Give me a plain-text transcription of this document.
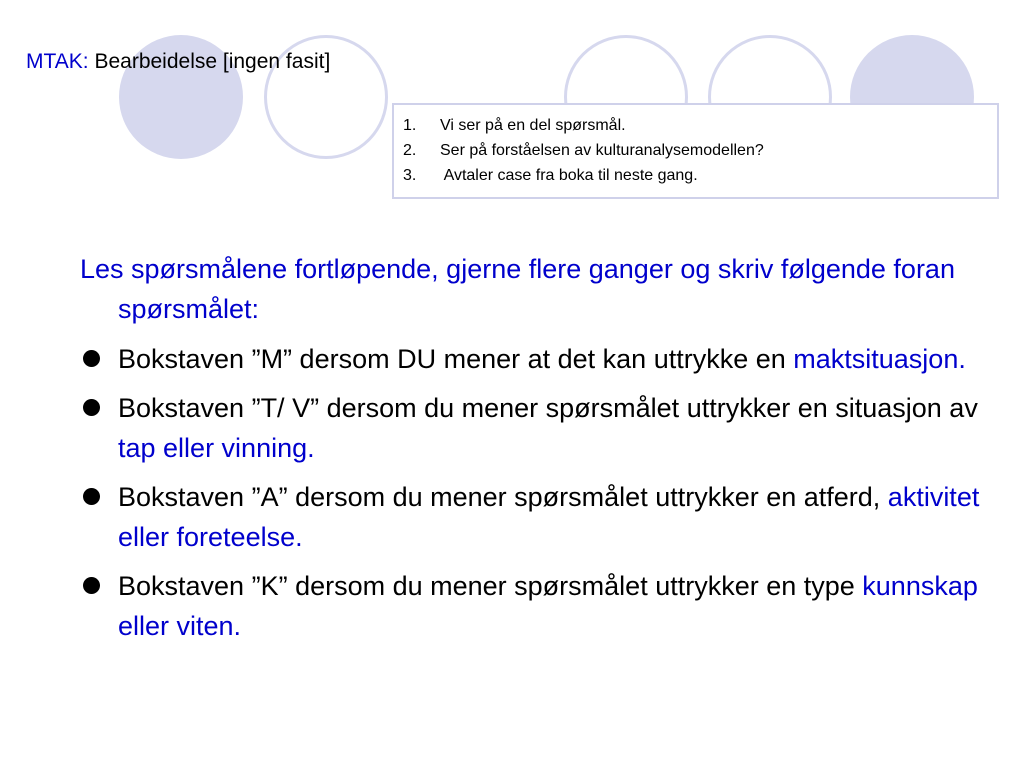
MTAK: Bearbeidelse [ingen fasit]
1.	Vi ser på en del spørsmål.
2.	Ser på forståelsen av kulturanalysemodellen?
3.	Avtaler case fra boka til neste gang.

Les spørsmålene fortløpende, gjerne flere ganger og skriv følgende foran spørsmålet:

Bokstaven ”M” dersom DU mener at det kan uttrykke en maktsituasjon.
Bokstaven ”T/ V” dersom du mener spørsmålet uttrykker en situasjon av tap eller vinning.
Bokstaven ”A” dersom du mener spørsmålet uttrykker en atferd, aktivitet eller foreteelse.
Bokstaven ”K” dersom du mener spørsmålet uttrykker en type kunnskap eller viten.
